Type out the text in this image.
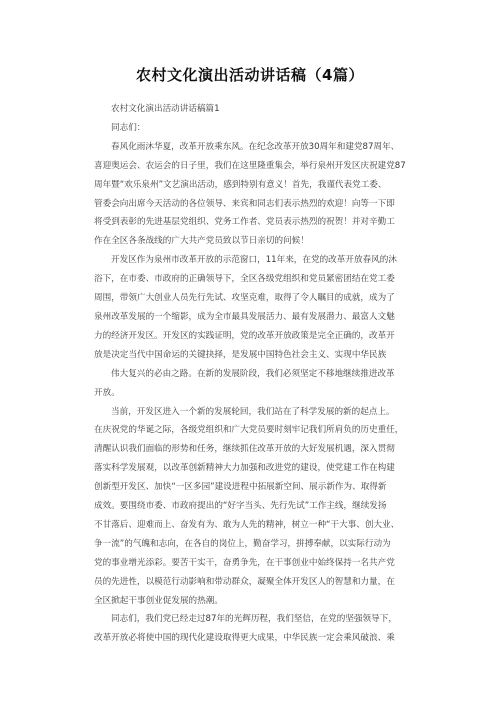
农村文化演出活动讲话稿（4篇）

农村文化演出活动讲话稿篇1

同志们：

春风化雨沐华夏，改革开放乘东风。在纪念改革开放30周年和建党87周年、
喜迎奥运会、农运会的日子里，我们在这里隆重集会，举行泉州开发区庆祝建党87
周年暨“欢乐泉州”文艺演出活动，感到特别有意义！首先，我谨代表党工委、
管委会向出席今天活动的各位领导、来宾和同志们表示热烈的欢迎！向等一下即
将受到表彰的先进基层党组织、党务工作者、党员表示热烈的祝贺！并对辛勤工
作在全区各条战线的广大共产党员致以节日亲切的问候！

开发区作为泉州市改革开放的示范窗口，11年来，在党的改革开放春风的沐
浴下，在市委、市政府的正确领导下，全区各级党组织和党员紧密团结在党工委
周围，带领广大创业人员先行先试、攻坚克难，取得了令人瞩目的成就，成为了
泉州改革发展的一个缩影，成为全市最具发展活力、最有发展潜力、最富人文魅
力的经济开发区。开发区的实践证明，党的改革开放政策是完全正确的，改革开
放是决定当代中国命运的关键抉择，是发展中国特色社会主义、实现中华民族
伟大复兴的必由之路。在新的发展阶段，我们必须坚定不移地继续推进改革
开放。

当前，开发区进入一个新的发展轮回，我们站在了科学发展的新的起点上。
在庆祝党的华诞之际，各级党组织和广大党员要时刻牢记我们所肩负的历史重任，
清醒认识我们面临的形势和任务，继续抓住改革开放的大好发展机遇，深入贯彻
落实科学发展观，以改革创新精神大力加强和改进党的建设，使党建工作在构建
创新型开发区、加快“一区多园”建设进程中拓展新空间、展示新作为、取得新
成效。要围绕市委、市政府提出的“好字当头、先行先试”工作主线，继续发扬
不甘落后、迎难而上、奋发有为、敢为人先的精神，树立一种“干大事、创大业、
争一流”的气魄和志向，在各自的岗位上，勤奋学习，拼搏奉献，以实际行动为
党的事业增光添彩。要苦干实干，奋勇争先，在干事创业中始终保持一名共产党
员的先进性，以模范行动影响和带动群众，凝聚全体开发区人的智慧和力量，在
全区掀起干事创业促发展的热潮。

同志们，我们党已经走过87年的光辉历程，我们坚信，在党的坚强领导下，
改革开放必将使中国的现代化建设取得更大成果，中华民族一定会乘风破浪、乘
